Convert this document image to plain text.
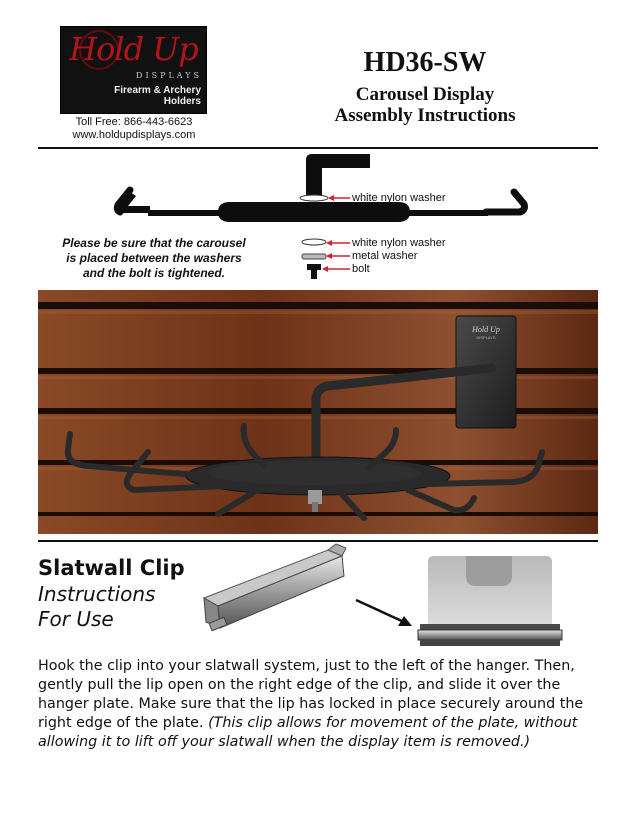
Hold Up
DISPLAYS
Firearm & Archery
Holders
Toll Free: 866-443-6623
www.holdupdisplays.com
HD36-SW
Carousel Display
Assembly Instructions
white nylon washer
white nylon washer
metal washer
bolt
Please be sure that the carousel
is placed between the washers
and the bolt is tightened.
Hold Up
DISPLAYS
Slatwall Clip
Instructions
For Use
Hook the clip into your slatwall system, just to the left of the hanger. Then, gently pull the lip open on the right edge of the clip, and slide it over the hanger plate. Make sure that the lip has locked in place securely around the right edge of the plate. (This clip allows for movement of the plate, without allowing it to lift off your slatwall when the display item is removed.)
